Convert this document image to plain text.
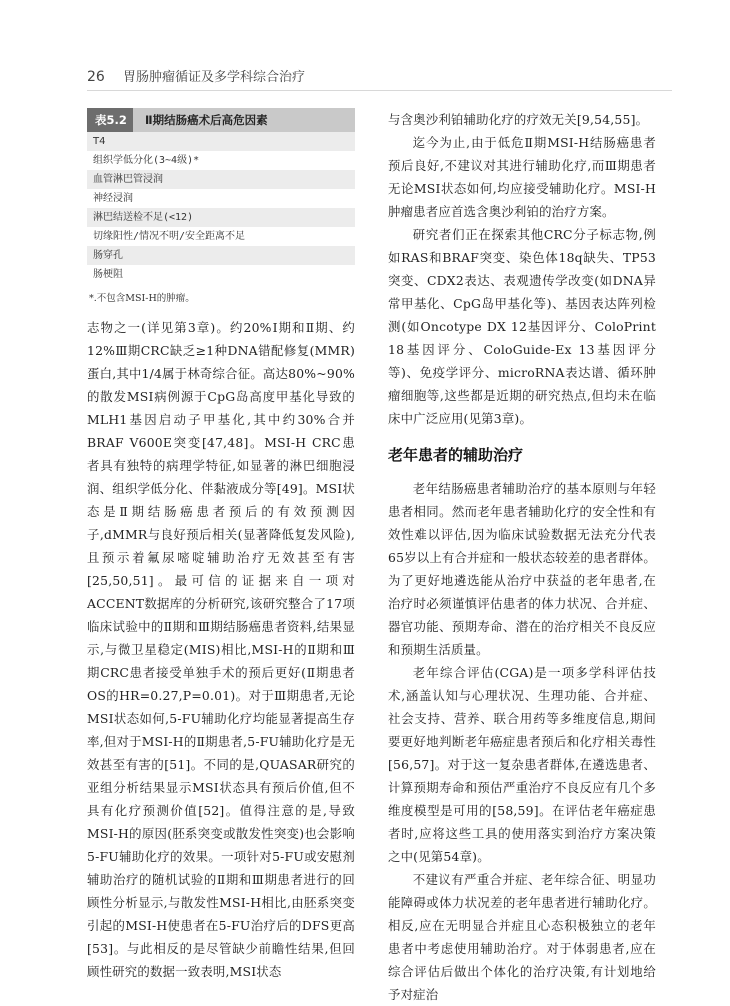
26 胃肠肿瘤循证及多学科综合治疗
表5.2	Ⅱ期结肠癌术后高危因素
T4
组织学低分化(3~4级)*
血管淋巴管浸润
神经浸润
淋巴结送检不足(<12)
切缘阳性/情况不明/安全距离不足
肠穿孔
肠梗阻
*.不包含MSI-H的肿瘤。

志物之一(详见第3章)。约20%Ⅰ期和Ⅱ期、约12%Ⅲ期CRC缺乏≥1种DNA错配修复(MMR)蛋白,其中1/4属于林奇综合征。高达80%~90%的散发MSI病例源于CpG岛高度甲基化导致的MLH1基因启动子甲基化,其中约30%合并BRAF V600E突变[47,48]。MSI-H CRC患者具有独特的病理学特征,如显著的淋巴细胞浸润、组织学低分化、伴黏液成分等[49]。MSI状态是Ⅱ期结肠癌患者预后的有效预测因子,dMMR与良好预后相关(显著降低复发风险),且预示着氟尿嘧啶辅助治疗无效甚至有害[25,50,51]。最可信的证据来自一项对ACCENT数据库的分析研究,该研究整合了17项临床试验中的Ⅱ期和Ⅲ期结肠癌患者资料,结果显示,与微卫星稳定(MIS)相比,MSI-H的Ⅱ期和Ⅲ期CRC患者接受单独手术的预后更好(Ⅱ期患者OS的HR=0.27,P=0.01)。对于Ⅲ期患者,无论MSI状态如何,5-FU辅助化疗均能显著提高生存率,但对于MSI-H的Ⅱ期患者,5-FU辅助化疗是无效甚至有害的[51]。不同的是,QUASAR研究的亚组分析结果显示MSI状态具有预后价值,但不具有化疗预测价值[52]。值得注意的是,导致MSI-H的原因(胚系突变或散发性突变)也会影响5-FU辅助化疗的效果。一项针对5-FU或安慰剂辅助治疗的随机试验的Ⅱ期和Ⅲ期患者进行的回顾性分析显示,与散发性MSI-H相比,由胚系突变引起的MSI-H使患者在5-FU治疗后的DFS更高[53]。与此相反的是尽管缺少前瞻性结果,但回顾性研究的数据一致表明,MSI状态

与含奥沙利铂辅助化疗的疗效无关[9,54,55]。

迄今为止,由于低危Ⅱ期MSI-H结肠癌患者预后良好,不建议对其进行辅助化疗,而Ⅲ期患者无论MSI状态如何,均应接受辅助化疗。MSI-H肿瘤患者应首选含奥沙利铂的治疗方案。

研究者们正在探索其他CRC分子标志物,例如RAS和BRAF突变、染色体18q缺失、TP53突变、CDX2表达、表观遗传学改变(如DNA异常甲基化、CpG岛甲基化等)、基因表达阵列检测(如Oncotype DX 12基因评分、ColoPrint 18基因评分、ColoGuide-Ex 13基因评分等)、免疫学评分、microRNA表达谱、循环肿瘤细胞等,这些都是近期的研究热点,但均未在临床中广泛应用(见第3章)。

老年患者的辅助治疗

老年结肠癌患者辅助治疗的基本原则与年轻患者相同。然而老年患者辅助化疗的安全性和有效性难以评估,因为临床试验数据无法充分代表65岁以上有合并症和一般状态较差的患者群体。为了更好地遴选能从治疗中获益的老年患者,在治疗时必须谨慎评估患者的体力状况、合并症、器官功能、预期寿命、潜在的治疗相关不良反应和预期生活质量。

老年综合评估(CGA)是一项多学科评估技术,涵盖认知与心理状况、生理功能、合并症、社会支持、营养、联合用药等多维度信息,期间要更好地判断老年癌症患者预后和化疗相关毒性[56,57]。对于这一复杂患者群体,在遴选患者、计算预期寿命和预估严重治疗不良反应有几个多维度模型是可用的[58,59]。在评估老年癌症患者时,应将这些工具的使用落实到治疗方案决策之中(见第54章)。

不建议有严重合并症、老年综合征、明显功能障碍或体力状况差的老年患者进行辅助化疗。相反,应在无明显合并症且心态积极独立的老年患者中考虑使用辅助治疗。对于体弱患者,应在综合评估后做出个体化的治疗决策,有计划地给予对症治
